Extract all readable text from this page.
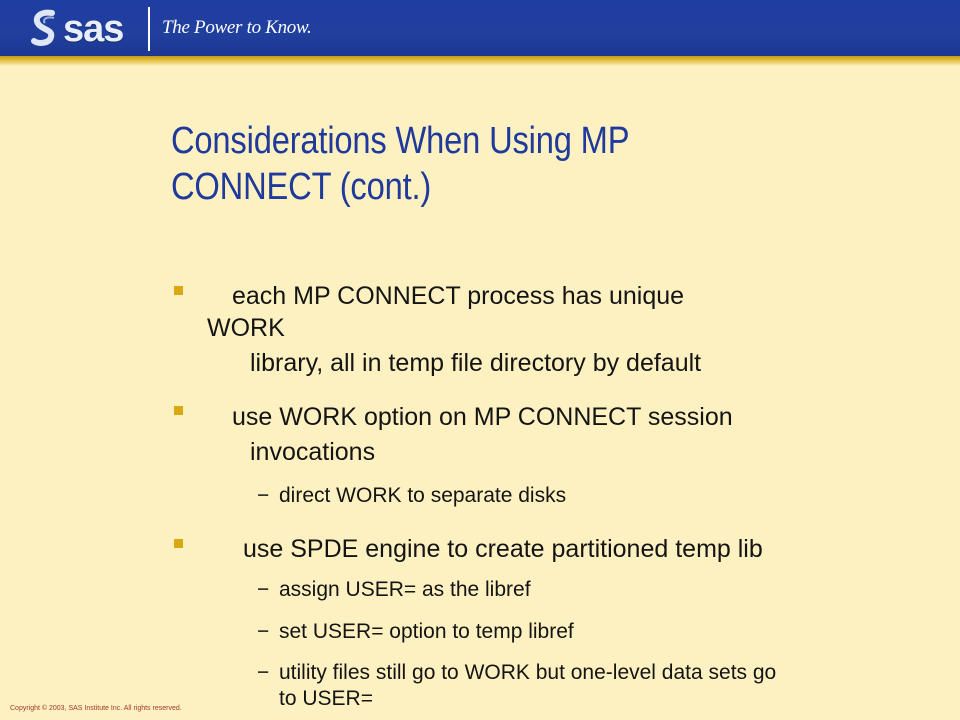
sas The Power to Know.
Considerations When Using MP
CONNECT (cont.)
each MP CONNECT process has unique
WORK
library, all in temp file directory by default
use WORK option on MP CONNECT session
invocations
− direct WORK to separate disks
use SPDE engine to create partitioned temp lib
− assign USER= as the libref
− set USER= option to temp libref
− utility files still go to WORK but one-level data sets go
to USER=
Copyright © 2003, SAS Institute Inc. All rights reserved.
